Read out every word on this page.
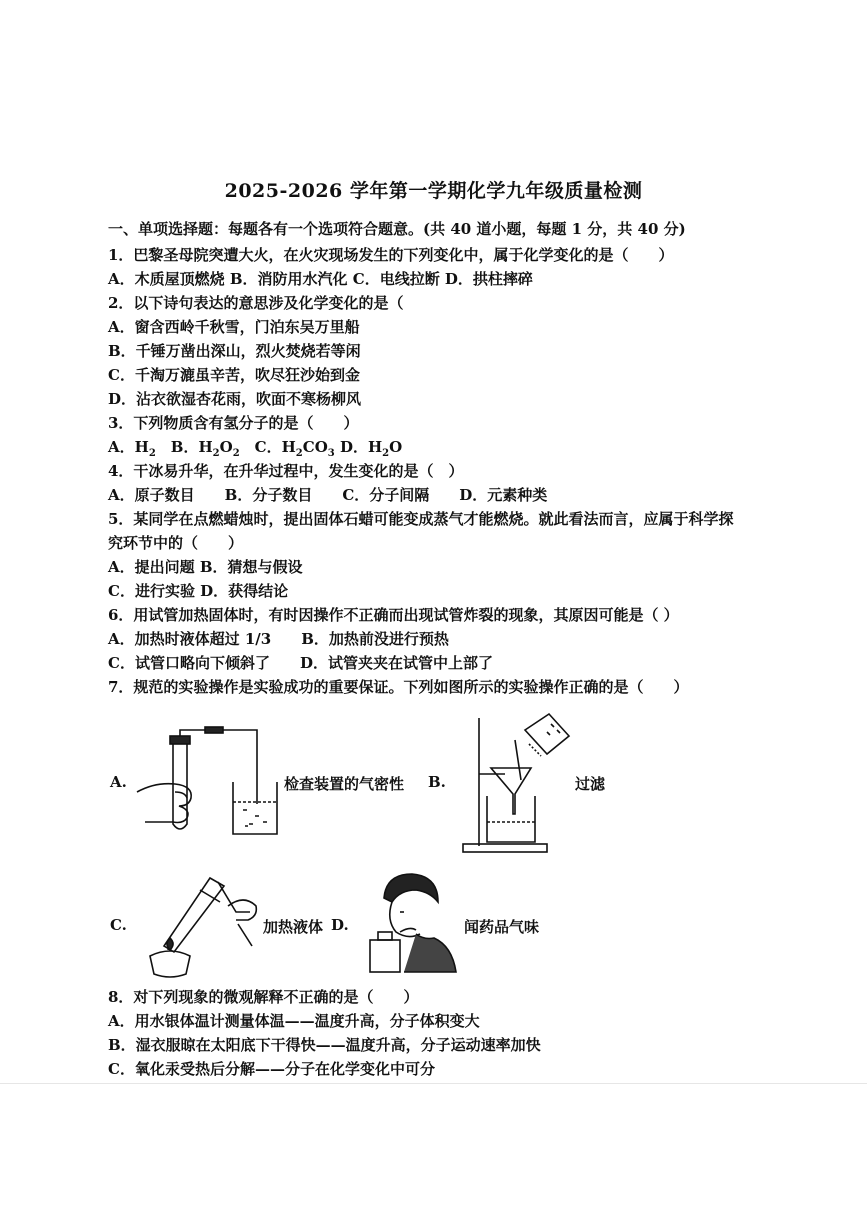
2025-2026 学年第一学期化学九年级质量检测
一、单项选择题：每题各有一个选项符合题意。(共 40 道小题，每题 1 分，共 40 分)
1．巴黎圣母院突遭大火，在火灾现场发生的下列变化中，属于化学变化的是（　　）
A．木质屋顶燃烧 B．消防用水汽化 C．电线拉断 D．拱柱摔碎
2．以下诗句表达的意思涉及化学变化的是（
A．窗含西岭千秋雪，门泊东吴万里船
B．千锤万凿出深山，烈火焚烧若等闲
C．千淘万漉虽辛苦，吹尽狂沙始到金
D．沾衣欲湿杏花雨，吹面不寒杨柳风
3．下列物质含有氢分子的是（　　）
A．$H_2$　B．$H_2O_2$　C．$H_2CO_3$ D．$H_2O$
4．干冰易升华，在升华过程中，发生变化的是（　）
A．原子数目　　B．分子数目　　C．分子间隔　　D．元素种类
5．某同学在点燃蜡烛时，提出固体石蜡可能变成蒸气才能燃烧。就此看法而言，应属于科学探
究环节中的（　　）
A．提出问题 B．猜想与假设
C．进行实验 D．获得结论
6．用试管加热固体时，有时因操作不正确而出现试管炸裂的现象，其原因可能是（ ）
A．加热时液体超过 1/3　　B．加热前没进行预热
C．试管口略向下倾斜了　　D．试管夹夹在试管中上部了
7．规范的实验操作是实验成功的重要保证。下列如图所示的实验操作正确的是（　　）
A.	检查装置的气密性 B.	过滤
C.	加热液体 D.	闻药品气味
8．对下列现象的微观解释不正确的是（　　）
A．用水银体温计测量体温——温度升高，分子体积变大
B．湿衣服晾在太阳底下干得快——温度升高，分子运动速率加快
C．氧化汞受热后分解——分子在化学变化中可分
